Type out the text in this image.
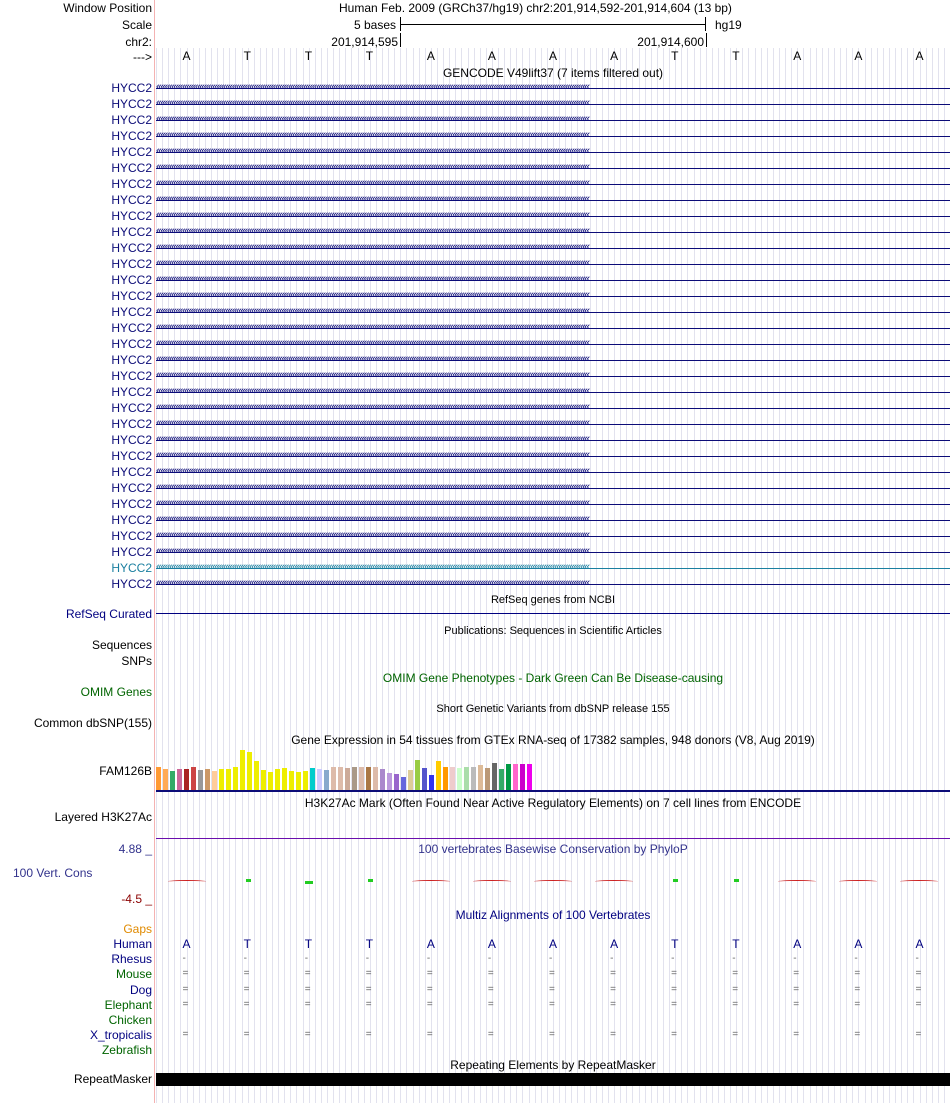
Window Position	Human Feb. 2009 (GRCh37/hg19) chr2:201,914,592-201,914,604 (13 bp)
Scale	5 bases	hg19
chr2:	201,914,595	201,914,600
--->	A	T	T	T	A	A	A	A	T	T	A	A	A
GENCODE V49lift37 (7 items filtered out)
HYCC2 ‹‹‹‹‹‹‹‹‹‹‹‹‹‹‹‹‹‹‹‹‹‹‹‹‹‹‹‹‹‹‹‹‹‹‹‹‹‹‹‹‹‹‹‹‹‹‹‹‹‹‹‹‹‹‹‹‹‹‹‹‹‹‹‹‹‹‹‹‹‹‹‹‹‹‹‹‹‹‹‹‹‹‹‹‹‹‹‹‹‹‹‹‹‹‹‹‹‹‹‹‹‹‹‹‹‹‹‹‹‹‹‹‹‹‹‹‹‹‹‹‹‹‹‹‹‹‹‹‹‹‹‹‹‹‹‹‹‹‹‹‹‹‹‹‹‹‹‹‹‹‹‹‹‹‹‹‹‹‹‹‹‹‹‹‹‹‹‹‹‹‹‹‹‹‹‹‹‹‹‹‹‹‹‹‹‹‹‹‹‹‹‹‹‹‹‹‹‹‹‹
HYCC2 ‹‹‹‹‹‹‹‹‹‹‹‹‹‹‹‹‹‹‹‹‹‹‹‹‹‹‹‹‹‹‹‹‹‹‹‹‹‹‹‹‹‹‹‹‹‹‹‹‹‹‹‹‹‹‹‹‹‹‹‹‹‹‹‹‹‹‹‹‹‹‹‹‹‹‹‹‹‹‹‹‹‹‹‹‹‹‹‹‹‹‹‹‹‹‹‹‹‹‹‹‹‹‹‹‹‹‹‹‹‹‹‹‹‹‹‹‹‹‹‹‹‹‹‹‹‹‹‹‹‹‹‹‹‹‹‹‹‹‹‹‹‹‹‹‹‹‹‹‹‹‹‹‹‹‹‹‹‹‹‹‹‹‹‹‹‹‹‹‹‹‹‹‹‹‹‹‹‹‹‹‹‹‹‹‹‹‹‹‹‹‹‹‹‹‹‹‹‹‹‹
HYCC2 ‹‹‹‹‹‹‹‹‹‹‹‹‹‹‹‹‹‹‹‹‹‹‹‹‹‹‹‹‹‹‹‹‹‹‹‹‹‹‹‹‹‹‹‹‹‹‹‹‹‹‹‹‹‹‹‹‹‹‹‹‹‹‹‹‹‹‹‹‹‹‹‹‹‹‹‹‹‹‹‹‹‹‹‹‹‹‹‹‹‹‹‹‹‹‹‹‹‹‹‹‹‹‹‹‹‹‹‹‹‹‹‹‹‹‹‹‹‹‹‹‹‹‹‹‹‹‹‹‹‹‹‹‹‹‹‹‹‹‹‹‹‹‹‹‹‹‹‹‹‹‹‹‹‹‹‹‹‹‹‹‹‹‹‹‹‹‹‹‹‹‹‹‹‹‹‹‹‹‹‹‹‹‹‹‹‹‹‹‹‹‹‹‹‹‹‹‹‹‹‹
HYCC2 ‹‹‹‹‹‹‹‹‹‹‹‹‹‹‹‹‹‹‹‹‹‹‹‹‹‹‹‹‹‹‹‹‹‹‹‹‹‹‹‹‹‹‹‹‹‹‹‹‹‹‹‹‹‹‹‹‹‹‹‹‹‹‹‹‹‹‹‹‹‹‹‹‹‹‹‹‹‹‹‹‹‹‹‹‹‹‹‹‹‹‹‹‹‹‹‹‹‹‹‹‹‹‹‹‹‹‹‹‹‹‹‹‹‹‹‹‹‹‹‹‹‹‹‹‹‹‹‹‹‹‹‹‹‹‹‹‹‹‹‹‹‹‹‹‹‹‹‹‹‹‹‹‹‹‹‹‹‹‹‹‹‹‹‹‹‹‹‹‹‹‹‹‹‹‹‹‹‹‹‹‹‹‹‹‹‹‹‹‹‹‹‹‹‹‹‹‹‹‹‹
HYCC2 ‹‹‹‹‹‹‹‹‹‹‹‹‹‹‹‹‹‹‹‹‹‹‹‹‹‹‹‹‹‹‹‹‹‹‹‹‹‹‹‹‹‹‹‹‹‹‹‹‹‹‹‹‹‹‹‹‹‹‹‹‹‹‹‹‹‹‹‹‹‹‹‹‹‹‹‹‹‹‹‹‹‹‹‹‹‹‹‹‹‹‹‹‹‹‹‹‹‹‹‹‹‹‹‹‹‹‹‹‹‹‹‹‹‹‹‹‹‹‹‹‹‹‹‹‹‹‹‹‹‹‹‹‹‹‹‹‹‹‹‹‹‹‹‹‹‹‹‹‹‹‹‹‹‹‹‹‹‹‹‹‹‹‹‹‹‹‹‹‹‹‹‹‹‹‹‹‹‹‹‹‹‹‹‹‹‹‹‹‹‹‹‹‹‹‹‹‹‹‹‹
HYCC2 ‹‹‹‹‹‹‹‹‹‹‹‹‹‹‹‹‹‹‹‹‹‹‹‹‹‹‹‹‹‹‹‹‹‹‹‹‹‹‹‹‹‹‹‹‹‹‹‹‹‹‹‹‹‹‹‹‹‹‹‹‹‹‹‹‹‹‹‹‹‹‹‹‹‹‹‹‹‹‹‹‹‹‹‹‹‹‹‹‹‹‹‹‹‹‹‹‹‹‹‹‹‹‹‹‹‹‹‹‹‹‹‹‹‹‹‹‹‹‹‹‹‹‹‹‹‹‹‹‹‹‹‹‹‹‹‹‹‹‹‹‹‹‹‹‹‹‹‹‹‹‹‹‹‹‹‹‹‹‹‹‹‹‹‹‹‹‹‹‹‹‹‹‹‹‹‹‹‹‹‹‹‹‹‹‹‹‹‹‹‹‹‹‹‹‹‹‹‹‹‹
HYCC2 ‹‹‹‹‹‹‹‹‹‹‹‹‹‹‹‹‹‹‹‹‹‹‹‹‹‹‹‹‹‹‹‹‹‹‹‹‹‹‹‹‹‹‹‹‹‹‹‹‹‹‹‹‹‹‹‹‹‹‹‹‹‹‹‹‹‹‹‹‹‹‹‹‹‹‹‹‹‹‹‹‹‹‹‹‹‹‹‹‹‹‹‹‹‹‹‹‹‹‹‹‹‹‹‹‹‹‹‹‹‹‹‹‹‹‹‹‹‹‹‹‹‹‹‹‹‹‹‹‹‹‹‹‹‹‹‹‹‹‹‹‹‹‹‹‹‹‹‹‹‹‹‹‹‹‹‹‹‹‹‹‹‹‹‹‹‹‹‹‹‹‹‹‹‹‹‹‹‹‹‹‹‹‹‹‹‹‹‹‹‹‹‹‹‹‹‹‹‹‹‹
HYCC2 ‹‹‹‹‹‹‹‹‹‹‹‹‹‹‹‹‹‹‹‹‹‹‹‹‹‹‹‹‹‹‹‹‹‹‹‹‹‹‹‹‹‹‹‹‹‹‹‹‹‹‹‹‹‹‹‹‹‹‹‹‹‹‹‹‹‹‹‹‹‹‹‹‹‹‹‹‹‹‹‹‹‹‹‹‹‹‹‹‹‹‹‹‹‹‹‹‹‹‹‹‹‹‹‹‹‹‹‹‹‹‹‹‹‹‹‹‹‹‹‹‹‹‹‹‹‹‹‹‹‹‹‹‹‹‹‹‹‹‹‹‹‹‹‹‹‹‹‹‹‹‹‹‹‹‹‹‹‹‹‹‹‹‹‹‹‹‹‹‹‹‹‹‹‹‹‹‹‹‹‹‹‹‹‹‹‹‹‹‹‹‹‹‹‹‹‹‹‹‹‹
HYCC2 ‹‹‹‹‹‹‹‹‹‹‹‹‹‹‹‹‹‹‹‹‹‹‹‹‹‹‹‹‹‹‹‹‹‹‹‹‹‹‹‹‹‹‹‹‹‹‹‹‹‹‹‹‹‹‹‹‹‹‹‹‹‹‹‹‹‹‹‹‹‹‹‹‹‹‹‹‹‹‹‹‹‹‹‹‹‹‹‹‹‹‹‹‹‹‹‹‹‹‹‹‹‹‹‹‹‹‹‹‹‹‹‹‹‹‹‹‹‹‹‹‹‹‹‹‹‹‹‹‹‹‹‹‹‹‹‹‹‹‹‹‹‹‹‹‹‹‹‹‹‹‹‹‹‹‹‹‹‹‹‹‹‹‹‹‹‹‹‹‹‹‹‹‹‹‹‹‹‹‹‹‹‹‹‹‹‹‹‹‹‹‹‹‹‹‹‹‹‹‹‹
HYCC2 ‹‹‹‹‹‹‹‹‹‹‹‹‹‹‹‹‹‹‹‹‹‹‹‹‹‹‹‹‹‹‹‹‹‹‹‹‹‹‹‹‹‹‹‹‹‹‹‹‹‹‹‹‹‹‹‹‹‹‹‹‹‹‹‹‹‹‹‹‹‹‹‹‹‹‹‹‹‹‹‹‹‹‹‹‹‹‹‹‹‹‹‹‹‹‹‹‹‹‹‹‹‹‹‹‹‹‹‹‹‹‹‹‹‹‹‹‹‹‹‹‹‹‹‹‹‹‹‹‹‹‹‹‹‹‹‹‹‹‹‹‹‹‹‹‹‹‹‹‹‹‹‹‹‹‹‹‹‹‹‹‹‹‹‹‹‹‹‹‹‹‹‹‹‹‹‹‹‹‹‹‹‹‹‹‹‹‹‹‹‹‹‹‹‹‹‹‹‹‹‹
HYCC2 ‹‹‹‹‹‹‹‹‹‹‹‹‹‹‹‹‹‹‹‹‹‹‹‹‹‹‹‹‹‹‹‹‹‹‹‹‹‹‹‹‹‹‹‹‹‹‹‹‹‹‹‹‹‹‹‹‹‹‹‹‹‹‹‹‹‹‹‹‹‹‹‹‹‹‹‹‹‹‹‹‹‹‹‹‹‹‹‹‹‹‹‹‹‹‹‹‹‹‹‹‹‹‹‹‹‹‹‹‹‹‹‹‹‹‹‹‹‹‹‹‹‹‹‹‹‹‹‹‹‹‹‹‹‹‹‹‹‹‹‹‹‹‹‹‹‹‹‹‹‹‹‹‹‹‹‹‹‹‹‹‹‹‹‹‹‹‹‹‹‹‹‹‹‹‹‹‹‹‹‹‹‹‹‹‹‹‹‹‹‹‹‹‹‹‹‹‹‹‹‹
HYCC2 ‹‹‹‹‹‹‹‹‹‹‹‹‹‹‹‹‹‹‹‹‹‹‹‹‹‹‹‹‹‹‹‹‹‹‹‹‹‹‹‹‹‹‹‹‹‹‹‹‹‹‹‹‹‹‹‹‹‹‹‹‹‹‹‹‹‹‹‹‹‹‹‹‹‹‹‹‹‹‹‹‹‹‹‹‹‹‹‹‹‹‹‹‹‹‹‹‹‹‹‹‹‹‹‹‹‹‹‹‹‹‹‹‹‹‹‹‹‹‹‹‹‹‹‹‹‹‹‹‹‹‹‹‹‹‹‹‹‹‹‹‹‹‹‹‹‹‹‹‹‹‹‹‹‹‹‹‹‹‹‹‹‹‹‹‹‹‹‹‹‹‹‹‹‹‹‹‹‹‹‹‹‹‹‹‹‹‹‹‹‹‹‹‹‹‹‹‹‹‹‹
HYCC2 ‹‹‹‹‹‹‹‹‹‹‹‹‹‹‹‹‹‹‹‹‹‹‹‹‹‹‹‹‹‹‹‹‹‹‹‹‹‹‹‹‹‹‹‹‹‹‹‹‹‹‹‹‹‹‹‹‹‹‹‹‹‹‹‹‹‹‹‹‹‹‹‹‹‹‹‹‹‹‹‹‹‹‹‹‹‹‹‹‹‹‹‹‹‹‹‹‹‹‹‹‹‹‹‹‹‹‹‹‹‹‹‹‹‹‹‹‹‹‹‹‹‹‹‹‹‹‹‹‹‹‹‹‹‹‹‹‹‹‹‹‹‹‹‹‹‹‹‹‹‹‹‹‹‹‹‹‹‹‹‹‹‹‹‹‹‹‹‹‹‹‹‹‹‹‹‹‹‹‹‹‹‹‹‹‹‹‹‹‹‹‹‹‹‹‹‹‹‹‹‹
HYCC2 ‹‹‹‹‹‹‹‹‹‹‹‹‹‹‹‹‹‹‹‹‹‹‹‹‹‹‹‹‹‹‹‹‹‹‹‹‹‹‹‹‹‹‹‹‹‹‹‹‹‹‹‹‹‹‹‹‹‹‹‹‹‹‹‹‹‹‹‹‹‹‹‹‹‹‹‹‹‹‹‹‹‹‹‹‹‹‹‹‹‹‹‹‹‹‹‹‹‹‹‹‹‹‹‹‹‹‹‹‹‹‹‹‹‹‹‹‹‹‹‹‹‹‹‹‹‹‹‹‹‹‹‹‹‹‹‹‹‹‹‹‹‹‹‹‹‹‹‹‹‹‹‹‹‹‹‹‹‹‹‹‹‹‹‹‹‹‹‹‹‹‹‹‹‹‹‹‹‹‹‹‹‹‹‹‹‹‹‹‹‹‹‹‹‹‹‹‹‹‹‹
HYCC2 ‹‹‹‹‹‹‹‹‹‹‹‹‹‹‹‹‹‹‹‹‹‹‹‹‹‹‹‹‹‹‹‹‹‹‹‹‹‹‹‹‹‹‹‹‹‹‹‹‹‹‹‹‹‹‹‹‹‹‹‹‹‹‹‹‹‹‹‹‹‹‹‹‹‹‹‹‹‹‹‹‹‹‹‹‹‹‹‹‹‹‹‹‹‹‹‹‹‹‹‹‹‹‹‹‹‹‹‹‹‹‹‹‹‹‹‹‹‹‹‹‹‹‹‹‹‹‹‹‹‹‹‹‹‹‹‹‹‹‹‹‹‹‹‹‹‹‹‹‹‹‹‹‹‹‹‹‹‹‹‹‹‹‹‹‹‹‹‹‹‹‹‹‹‹‹‹‹‹‹‹‹‹‹‹‹‹‹‹‹‹‹‹‹‹‹‹‹‹‹‹
HYCC2 ‹‹‹‹‹‹‹‹‹‹‹‹‹‹‹‹‹‹‹‹‹‹‹‹‹‹‹‹‹‹‹‹‹‹‹‹‹‹‹‹‹‹‹‹‹‹‹‹‹‹‹‹‹‹‹‹‹‹‹‹‹‹‹‹‹‹‹‹‹‹‹‹‹‹‹‹‹‹‹‹‹‹‹‹‹‹‹‹‹‹‹‹‹‹‹‹‹‹‹‹‹‹‹‹‹‹‹‹‹‹‹‹‹‹‹‹‹‹‹‹‹‹‹‹‹‹‹‹‹‹‹‹‹‹‹‹‹‹‹‹‹‹‹‹‹‹‹‹‹‹‹‹‹‹‹‹‹‹‹‹‹‹‹‹‹‹‹‹‹‹‹‹‹‹‹‹‹‹‹‹‹‹‹‹‹‹‹‹‹‹‹‹‹‹‹‹‹‹‹‹
HYCC2 ‹‹‹‹‹‹‹‹‹‹‹‹‹‹‹‹‹‹‹‹‹‹‹‹‹‹‹‹‹‹‹‹‹‹‹‹‹‹‹‹‹‹‹‹‹‹‹‹‹‹‹‹‹‹‹‹‹‹‹‹‹‹‹‹‹‹‹‹‹‹‹‹‹‹‹‹‹‹‹‹‹‹‹‹‹‹‹‹‹‹‹‹‹‹‹‹‹‹‹‹‹‹‹‹‹‹‹‹‹‹‹‹‹‹‹‹‹‹‹‹‹‹‹‹‹‹‹‹‹‹‹‹‹‹‹‹‹‹‹‹‹‹‹‹‹‹‹‹‹‹‹‹‹‹‹‹‹‹‹‹‹‹‹‹‹‹‹‹‹‹‹‹‹‹‹‹‹‹‹‹‹‹‹‹‹‹‹‹‹‹‹‹‹‹‹‹‹‹‹‹
HYCC2 ‹‹‹‹‹‹‹‹‹‹‹‹‹‹‹‹‹‹‹‹‹‹‹‹‹‹‹‹‹‹‹‹‹‹‹‹‹‹‹‹‹‹‹‹‹‹‹‹‹‹‹‹‹‹‹‹‹‹‹‹‹‹‹‹‹‹‹‹‹‹‹‹‹‹‹‹‹‹‹‹‹‹‹‹‹‹‹‹‹‹‹‹‹‹‹‹‹‹‹‹‹‹‹‹‹‹‹‹‹‹‹‹‹‹‹‹‹‹‹‹‹‹‹‹‹‹‹‹‹‹‹‹‹‹‹‹‹‹‹‹‹‹‹‹‹‹‹‹‹‹‹‹‹‹‹‹‹‹‹‹‹‹‹‹‹‹‹‹‹‹‹‹‹‹‹‹‹‹‹‹‹‹‹‹‹‹‹‹‹‹‹‹‹‹‹‹‹‹‹‹
HYCC2 ‹‹‹‹‹‹‹‹‹‹‹‹‹‹‹‹‹‹‹‹‹‹‹‹‹‹‹‹‹‹‹‹‹‹‹‹‹‹‹‹‹‹‹‹‹‹‹‹‹‹‹‹‹‹‹‹‹‹‹‹‹‹‹‹‹‹‹‹‹‹‹‹‹‹‹‹‹‹‹‹‹‹‹‹‹‹‹‹‹‹‹‹‹‹‹‹‹‹‹‹‹‹‹‹‹‹‹‹‹‹‹‹‹‹‹‹‹‹‹‹‹‹‹‹‹‹‹‹‹‹‹‹‹‹‹‹‹‹‹‹‹‹‹‹‹‹‹‹‹‹‹‹‹‹‹‹‹‹‹‹‹‹‹‹‹‹‹‹‹‹‹‹‹‹‹‹‹‹‹‹‹‹‹‹‹‹‹‹‹‹‹‹‹‹‹‹‹‹‹‹
HYCC2 ‹‹‹‹‹‹‹‹‹‹‹‹‹‹‹‹‹‹‹‹‹‹‹‹‹‹‹‹‹‹‹‹‹‹‹‹‹‹‹‹‹‹‹‹‹‹‹‹‹‹‹‹‹‹‹‹‹‹‹‹‹‹‹‹‹‹‹‹‹‹‹‹‹‹‹‹‹‹‹‹‹‹‹‹‹‹‹‹‹‹‹‹‹‹‹‹‹‹‹‹‹‹‹‹‹‹‹‹‹‹‹‹‹‹‹‹‹‹‹‹‹‹‹‹‹‹‹‹‹‹‹‹‹‹‹‹‹‹‹‹‹‹‹‹‹‹‹‹‹‹‹‹‹‹‹‹‹‹‹‹‹‹‹‹‹‹‹‹‹‹‹‹‹‹‹‹‹‹‹‹‹‹‹‹‹‹‹‹‹‹‹‹‹‹‹‹‹‹‹‹
HYCC2 ‹‹‹‹‹‹‹‹‹‹‹‹‹‹‹‹‹‹‹‹‹‹‹‹‹‹‹‹‹‹‹‹‹‹‹‹‹‹‹‹‹‹‹‹‹‹‹‹‹‹‹‹‹‹‹‹‹‹‹‹‹‹‹‹‹‹‹‹‹‹‹‹‹‹‹‹‹‹‹‹‹‹‹‹‹‹‹‹‹‹‹‹‹‹‹‹‹‹‹‹‹‹‹‹‹‹‹‹‹‹‹‹‹‹‹‹‹‹‹‹‹‹‹‹‹‹‹‹‹‹‹‹‹‹‹‹‹‹‹‹‹‹‹‹‹‹‹‹‹‹‹‹‹‹‹‹‹‹‹‹‹‹‹‹‹‹‹‹‹‹‹‹‹‹‹‹‹‹‹‹‹‹‹‹‹‹‹‹‹‹‹‹‹‹‹‹‹‹‹‹
HYCC2 ‹‹‹‹‹‹‹‹‹‹‹‹‹‹‹‹‹‹‹‹‹‹‹‹‹‹‹‹‹‹‹‹‹‹‹‹‹‹‹‹‹‹‹‹‹‹‹‹‹‹‹‹‹‹‹‹‹‹‹‹‹‹‹‹‹‹‹‹‹‹‹‹‹‹‹‹‹‹‹‹‹‹‹‹‹‹‹‹‹‹‹‹‹‹‹‹‹‹‹‹‹‹‹‹‹‹‹‹‹‹‹‹‹‹‹‹‹‹‹‹‹‹‹‹‹‹‹‹‹‹‹‹‹‹‹‹‹‹‹‹‹‹‹‹‹‹‹‹‹‹‹‹‹‹‹‹‹‹‹‹‹‹‹‹‹‹‹‹‹‹‹‹‹‹‹‹‹‹‹‹‹‹‹‹‹‹‹‹‹‹‹‹‹‹‹‹‹‹‹‹
HYCC2 ‹‹‹‹‹‹‹‹‹‹‹‹‹‹‹‹‹‹‹‹‹‹‹‹‹‹‹‹‹‹‹‹‹‹‹‹‹‹‹‹‹‹‹‹‹‹‹‹‹‹‹‹‹‹‹‹‹‹‹‹‹‹‹‹‹‹‹‹‹‹‹‹‹‹‹‹‹‹‹‹‹‹‹‹‹‹‹‹‹‹‹‹‹‹‹‹‹‹‹‹‹‹‹‹‹‹‹‹‹‹‹‹‹‹‹‹‹‹‹‹‹‹‹‹‹‹‹‹‹‹‹‹‹‹‹‹‹‹‹‹‹‹‹‹‹‹‹‹‹‹‹‹‹‹‹‹‹‹‹‹‹‹‹‹‹‹‹‹‹‹‹‹‹‹‹‹‹‹‹‹‹‹‹‹‹‹‹‹‹‹‹‹‹‹‹‹‹‹‹‹
HYCC2 ‹‹‹‹‹‹‹‹‹‹‹‹‹‹‹‹‹‹‹‹‹‹‹‹‹‹‹‹‹‹‹‹‹‹‹‹‹‹‹‹‹‹‹‹‹‹‹‹‹‹‹‹‹‹‹‹‹‹‹‹‹‹‹‹‹‹‹‹‹‹‹‹‹‹‹‹‹‹‹‹‹‹‹‹‹‹‹‹‹‹‹‹‹‹‹‹‹‹‹‹‹‹‹‹‹‹‹‹‹‹‹‹‹‹‹‹‹‹‹‹‹‹‹‹‹‹‹‹‹‹‹‹‹‹‹‹‹‹‹‹‹‹‹‹‹‹‹‹‹‹‹‹‹‹‹‹‹‹‹‹‹‹‹‹‹‹‹‹‹‹‹‹‹‹‹‹‹‹‹‹‹‹‹‹‹‹‹‹‹‹‹‹‹‹‹‹‹‹‹‹
HYCC2 ‹‹‹‹‹‹‹‹‹‹‹‹‹‹‹‹‹‹‹‹‹‹‹‹‹‹‹‹‹‹‹‹‹‹‹‹‹‹‹‹‹‹‹‹‹‹‹‹‹‹‹‹‹‹‹‹‹‹‹‹‹‹‹‹‹‹‹‹‹‹‹‹‹‹‹‹‹‹‹‹‹‹‹‹‹‹‹‹‹‹‹‹‹‹‹‹‹‹‹‹‹‹‹‹‹‹‹‹‹‹‹‹‹‹‹‹‹‹‹‹‹‹‹‹‹‹‹‹‹‹‹‹‹‹‹‹‹‹‹‹‹‹‹‹‹‹‹‹‹‹‹‹‹‹‹‹‹‹‹‹‹‹‹‹‹‹‹‹‹‹‹‹‹‹‹‹‹‹‹‹‹‹‹‹‹‹‹‹‹‹‹‹‹‹‹‹‹‹‹‹
HYCC2 ‹‹‹‹‹‹‹‹‹‹‹‹‹‹‹‹‹‹‹‹‹‹‹‹‹‹‹‹‹‹‹‹‹‹‹‹‹‹‹‹‹‹‹‹‹‹‹‹‹‹‹‹‹‹‹‹‹‹‹‹‹‹‹‹‹‹‹‹‹‹‹‹‹‹‹‹‹‹‹‹‹‹‹‹‹‹‹‹‹‹‹‹‹‹‹‹‹‹‹‹‹‹‹‹‹‹‹‹‹‹‹‹‹‹‹‹‹‹‹‹‹‹‹‹‹‹‹‹‹‹‹‹‹‹‹‹‹‹‹‹‹‹‹‹‹‹‹‹‹‹‹‹‹‹‹‹‹‹‹‹‹‹‹‹‹‹‹‹‹‹‹‹‹‹‹‹‹‹‹‹‹‹‹‹‹‹‹‹‹‹‹‹‹‹‹‹‹‹‹‹
HYCC2 ‹‹‹‹‹‹‹‹‹‹‹‹‹‹‹‹‹‹‹‹‹‹‹‹‹‹‹‹‹‹‹‹‹‹‹‹‹‹‹‹‹‹‹‹‹‹‹‹‹‹‹‹‹‹‹‹‹‹‹‹‹‹‹‹‹‹‹‹‹‹‹‹‹‹‹‹‹‹‹‹‹‹‹‹‹‹‹‹‹‹‹‹‹‹‹‹‹‹‹‹‹‹‹‹‹‹‹‹‹‹‹‹‹‹‹‹‹‹‹‹‹‹‹‹‹‹‹‹‹‹‹‹‹‹‹‹‹‹‹‹‹‹‹‹‹‹‹‹‹‹‹‹‹‹‹‹‹‹‹‹‹‹‹‹‹‹‹‹‹‹‹‹‹‹‹‹‹‹‹‹‹‹‹‹‹‹‹‹‹‹‹‹‹‹‹‹‹‹‹‹
HYCC2 ‹‹‹‹‹‹‹‹‹‹‹‹‹‹‹‹‹‹‹‹‹‹‹‹‹‹‹‹‹‹‹‹‹‹‹‹‹‹‹‹‹‹‹‹‹‹‹‹‹‹‹‹‹‹‹‹‹‹‹‹‹‹‹‹‹‹‹‹‹‹‹‹‹‹‹‹‹‹‹‹‹‹‹‹‹‹‹‹‹‹‹‹‹‹‹‹‹‹‹‹‹‹‹‹‹‹‹‹‹‹‹‹‹‹‹‹‹‹‹‹‹‹‹‹‹‹‹‹‹‹‹‹‹‹‹‹‹‹‹‹‹‹‹‹‹‹‹‹‹‹‹‹‹‹‹‹‹‹‹‹‹‹‹‹‹‹‹‹‹‹‹‹‹‹‹‹‹‹‹‹‹‹‹‹‹‹‹‹‹‹‹‹‹‹‹‹‹‹‹‹
HYCC2 ‹‹‹‹‹‹‹‹‹‹‹‹‹‹‹‹‹‹‹‹‹‹‹‹‹‹‹‹‹‹‹‹‹‹‹‹‹‹‹‹‹‹‹‹‹‹‹‹‹‹‹‹‹‹‹‹‹‹‹‹‹‹‹‹‹‹‹‹‹‹‹‹‹‹‹‹‹‹‹‹‹‹‹‹‹‹‹‹‹‹‹‹‹‹‹‹‹‹‹‹‹‹‹‹‹‹‹‹‹‹‹‹‹‹‹‹‹‹‹‹‹‹‹‹‹‹‹‹‹‹‹‹‹‹‹‹‹‹‹‹‹‹‹‹‹‹‹‹‹‹‹‹‹‹‹‹‹‹‹‹‹‹‹‹‹‹‹‹‹‹‹‹‹‹‹‹‹‹‹‹‹‹‹‹‹‹‹‹‹‹‹‹‹‹‹‹‹‹‹‹
HYCC2 ‹‹‹‹‹‹‹‹‹‹‹‹‹‹‹‹‹‹‹‹‹‹‹‹‹‹‹‹‹‹‹‹‹‹‹‹‹‹‹‹‹‹‹‹‹‹‹‹‹‹‹‹‹‹‹‹‹‹‹‹‹‹‹‹‹‹‹‹‹‹‹‹‹‹‹‹‹‹‹‹‹‹‹‹‹‹‹‹‹‹‹‹‹‹‹‹‹‹‹‹‹‹‹‹‹‹‹‹‹‹‹‹‹‹‹‹‹‹‹‹‹‹‹‹‹‹‹‹‹‹‹‹‹‹‹‹‹‹‹‹‹‹‹‹‹‹‹‹‹‹‹‹‹‹‹‹‹‹‹‹‹‹‹‹‹‹‹‹‹‹‹‹‹‹‹‹‹‹‹‹‹‹‹‹‹‹‹‹‹‹‹‹‹‹‹‹‹‹‹‹
HYCC2 ‹‹‹‹‹‹‹‹‹‹‹‹‹‹‹‹‹‹‹‹‹‹‹‹‹‹‹‹‹‹‹‹‹‹‹‹‹‹‹‹‹‹‹‹‹‹‹‹‹‹‹‹‹‹‹‹‹‹‹‹‹‹‹‹‹‹‹‹‹‹‹‹‹‹‹‹‹‹‹‹‹‹‹‹‹‹‹‹‹‹‹‹‹‹‹‹‹‹‹‹‹‹‹‹‹‹‹‹‹‹‹‹‹‹‹‹‹‹‹‹‹‹‹‹‹‹‹‹‹‹‹‹‹‹‹‹‹‹‹‹‹‹‹‹‹‹‹‹‹‹‹‹‹‹‹‹‹‹‹‹‹‹‹‹‹‹‹‹‹‹‹‹‹‹‹‹‹‹‹‹‹‹‹‹‹‹‹‹‹‹‹‹‹‹‹‹‹‹‹‹
HYCC2 ‹‹‹‹‹‹‹‹‹‹‹‹‹‹‹‹‹‹‹‹‹‹‹‹‹‹‹‹‹‹‹‹‹‹‹‹‹‹‹‹‹‹‹‹‹‹‹‹‹‹‹‹‹‹‹‹‹‹‹‹‹‹‹‹‹‹‹‹‹‹‹‹‹‹‹‹‹‹‹‹‹‹‹‹‹‹‹‹‹‹‹‹‹‹‹‹‹‹‹‹‹‹‹‹‹‹‹‹‹‹‹‹‹‹‹‹‹‹‹‹‹‹‹‹‹‹‹‹‹‹‹‹‹‹‹‹‹‹‹‹‹‹‹‹‹‹‹‹‹‹‹‹‹‹‹‹‹‹‹‹‹‹‹‹‹‹‹‹‹‹‹‹‹‹‹‹‹‹‹‹‹‹‹‹‹‹‹‹‹‹‹‹‹‹‹‹‹‹‹‹
RefSeq genes from NCBI
RefSeq Curated
Publications: Sequences in Scientific Articles
Sequences
SNPs
OMIM Gene Phenotypes - Dark Green Can Be Disease-causing
OMIM Genes
Short Genetic Variants from dbSNP release 155
Common dbSNP(155)
Gene Expression in 54 tissues from GTEx RNA-seq of 17382 samples, 948 donors (V8, Aug 2019)
FAM126B
H3K27Ac Mark (Often Found Near Active Regulatory Elements) on 7 cell lines from ENCODE
Layered H3K27Ac
100 vertebrates Basewise Conservation by PhyloP
4.88 _
100 Vert. Cons
-4.5 _
Multiz Alignments of 100 Vertebrates
Gaps
Human	A	T	T	T	A	A	A	A	T	T	A	A	A
Rhesus	-	-	-	-	-	-	-	-	-	-	-	-	-
Mouse	=	=	=	=	=	=	=	=	=	=	=	=	=
Dog	=	=	=	=	=	=	=	=	=	=	=	=	=
Elephant	=	=	=	=	=	=	=	=	=	=	=	=	=
Chicken
X_tropicalis	=	=	=	=	=	=	=	=	=	=	=	=	=
Zebrafish
Repeating Elements by RepeatMasker
RepeatMasker
